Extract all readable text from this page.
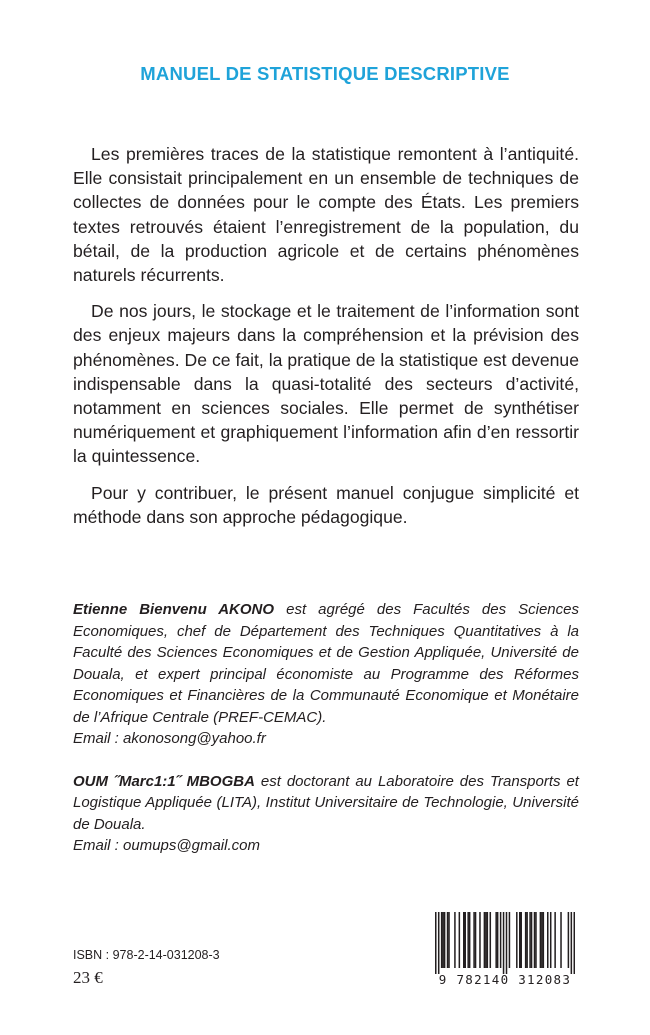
MANUEL DE STATISTIQUE DESCRIPTIVE

Les premières traces de la statistique remontent à l’antiquité. Elle consistait principalement en un ensemble de techniques de collectes de données pour le compte des États. Les premiers textes retrouvés étaient l’enregistrement de la population, du bétail, de la production agricole et de certains phénomènes naturels récurrents.

De nos jours, le stockage et le traitement de l’information sont des enjeux majeurs dans la compréhension et la prévision des phénomènes. De ce fait, la pratique de la statistique est devenue indispensable dans la quasi-totalité des secteurs d’activité, notamment en sciences sociales. Elle permet de synthétiser numériquement et graphiquement l’information afin d’en ressortir la quintessence.

Pour y contribuer, le présent manuel conjugue simplicité et méthode dans son approche pédagogique.

Etienne Bienvenu AKONO est agrégé des Facultés des Sciences Economiques, chef de Département des Techniques Quantitatives à la Faculté des Sciences Economiques et de Gestion Appliquée, Université de Douala, et expert principal économiste au Programme des Réformes Economiques et Financières de la Communauté Economique et Monétaire de l’Afrique Centrale (PREF-CEMAC).
Email : akonosong@yahoo.fr
OUM ˝Marc1:1˝ MBOGBA est doctorant au Laboratoire des Transports et Logistique Appliquée (LITA), Institut Universitaire de Technologie, Université de Douala.
Email : oumups@gmail.com
ISBN : 978-2-14-031208-3
23 €	9 782140 312083
